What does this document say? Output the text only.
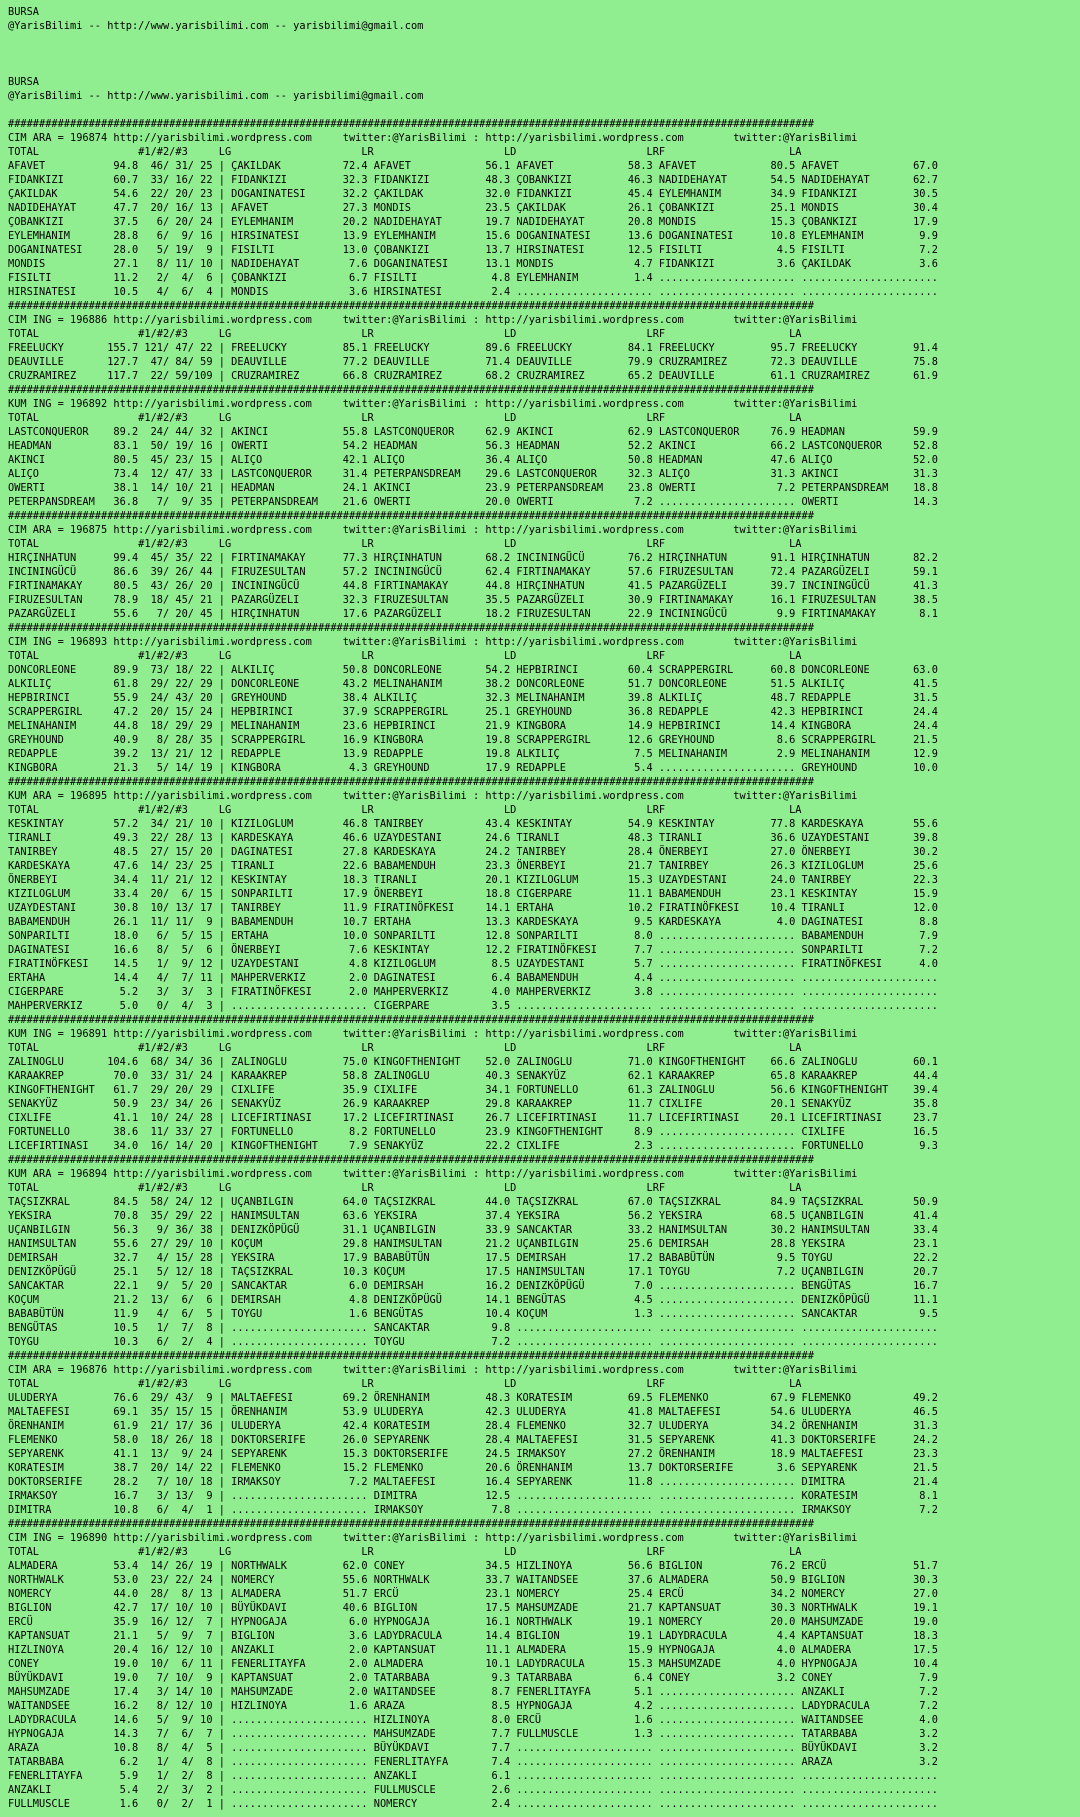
BURSA
@YarisBilimi -- http://www.yarisbilimi.com -- yarisbilimi@gmail.com
BURSA
@YarisBilimi -- http://www.yarisbilimi.com -- yarisbilimi@gmail.com
##################################################################################################################################
CIM ARA = 196874 http://yarisbilimi.wordpress.com     twitter:@YarisBilimi : http://yarisbilimi.wordpress.com        twitter:@YarisBilimi
TOTAL                #1/#2/#3     LG                     LR                     LD                     LRF                    LA
AFAVET           94.8  46/ 31/ 25 | ÇAKILDAK          72.4 AFAVET            56.1 AFAVET            58.3 AFAVET            80.5 AFAVET            67.0
FIDANKIZI        60.7  33/ 16/ 22 | FIDANKIZI         32.3 FIDANKIZI         48.3 ÇOBANKIZI         46.3 NADIDEHAYAT       54.5 NADIDEHAYAT       62.7
ÇAKILDAK         54.6  22/ 20/ 23 | DOGANINATESI      32.2 ÇAKILDAK          32.0 FIDANKIZI         45.4 EYLEMHANIM        34.9 FIDANKIZI         30.5
NADIDEHAYAT      47.7  20/ 16/ 13 | AFAVET            27.3 MONDIS            23.5 ÇAKILDAK          26.1 ÇOBANKIZI         25.1 MONDIS            30.4
ÇOBANKIZI        37.5   6/ 20/ 24 | EYLEMHANIM        20.2 NADIDEHAYAT       19.7 NADIDEHAYAT       20.8 MONDIS            15.3 ÇOBANKIZI         17.9
EYLEMHANIM       28.8   6/  9/ 16 | HIRSINATESI       13.9 EYLEMHANIM        15.6 DOGANINATESI      13.6 DOGANINATESI      10.8 EYLEMHANIM         9.9
DOGANINATESI     28.0   5/ 19/  9 | FISILTI           13.0 ÇOBANKIZI         13.7 HIRSINATESI       12.5 FISILTI            4.5 FISILTI            7.2
MONDIS           27.1   8/ 11/ 10 | NADIDEHAYAT        7.6 DOGANINATESI      13.1 MONDIS             4.7 FIDANKIZI          3.6 ÇAKILDAK           3.6
FISILTI          11.2   2/  4/  6 | ÇOBANKIZI          6.7 FISILTI            4.8 EYLEMHANIM         1.4 ...................... ......................
HIRSINATESI      10.5   4/  6/  4 | MONDIS             3.6 HIRSINATESI        2.4 ...................... ...................... ......................
##################################################################################################################################
CIM ING = 196886 http://yarisbilimi.wordpress.com     twitter:@YarisBilimi : http://yarisbilimi.wordpress.com        twitter:@YarisBilimi
TOTAL                #1/#2/#3     LG                     LR                     LD                     LRF                    LA
FREELUCKY       155.7 121/ 47/ 22 | FREELUCKY         85.1 FREELUCKY         89.6 FREELUCKY         84.1 FREELUCKY         95.7 FREELUCKY         91.4
DEAUVILLE       127.7  47/ 84/ 59 | DEAUVILLE         77.2 DEAUVILLE         71.4 DEAUVILLE         79.9 CRUZRAMIREZ       72.3 DEAUVILLE         75.8
CRUZRAMIREZ     117.7  22/ 59/109 | CRUZRAMIREZ       66.8 CRUZRAMIREZ       68.2 CRUZRAMIREZ       65.2 DEAUVILLE         61.1 CRUZRAMIREZ       61.9
##################################################################################################################################
KUM ING = 196892 http://yarisbilimi.wordpress.com     twitter:@YarisBilimi : http://yarisbilimi.wordpress.com        twitter:@YarisBilimi
TOTAL                #1/#2/#3     LG                     LR                     LD                     LRF                    LA
LASTCONQUEROR    89.2  24/ 44/ 32 | AKINCI            55.8 LASTCONQUEROR     62.9 AKINCI            62.9 LASTCONQUEROR     76.9 HEADMAN           59.9
HEADMAN          83.1  50/ 19/ 16 | OWERTI            54.2 HEADMAN           56.3 HEADMAN           52.2 AKINCI            66.2 LASTCONQUEROR     52.8
AKINCI           80.5  45/ 23/ 15 | ALIÇO             42.1 ALIÇO             36.4 ALIÇO             50.8 HEADMAN           47.6 ALIÇO             52.0
ALIÇO            73.4  12/ 47/ 33 | LASTCONQUEROR     31.4 PETERPANSDREAM    29.6 LASTCONQUEROR     32.3 ALIÇO             31.3 AKINCI            31.3
OWERTI           38.1  14/ 10/ 21 | HEADMAN           24.1 AKINCI            23.9 PETERPANSDREAM    23.8 OWERTI             7.2 PETERPANSDREAM    18.8
PETERPANSDREAM   36.8   7/  9/ 35 | PETERPANSDREAM    21.6 OWERTI            20.0 OWERTI             7.2 ...................... OWERTI            14.3
##################################################################################################################################
CIM ARA = 196875 http://yarisbilimi.wordpress.com     twitter:@YarisBilimi : http://yarisbilimi.wordpress.com        twitter:@YarisBilimi
TOTAL                #1/#2/#3     LG                     LR                     LD                     LRF                    LA
HIRÇINHATUN      99.4  45/ 35/ 22 | FIRTINAMAKAY      77.3 HIRÇINHATUN       68.2 INCININGÜCÜ       76.2 HIRÇINHATUN       91.1 HIRÇINHATUN       82.2
INCININGÜCÜ      86.6  39/ 26/ 44 | FIRUZESULTAN      57.2 INCININGÜCÜ       62.4 FIRTINAMAKAY      57.6 FIRUZESULTAN      72.4 PAZARGÜZELI       59.1
FIRTINAMAKAY     80.5  43/ 26/ 20 | INCININGÜCÜ       44.8 FIRTINAMAKAY      44.8 HIRÇINHATUN       41.5 PAZARGÜZELI       39.7 INCININGÜCÜ       41.3
FIRUZESULTAN     78.9  18/ 45/ 21 | PAZARGÜZELI       32.3 FIRUZESULTAN      35.5 PAZARGÜZELI       30.9 FIRTINAMAKAY      16.1 FIRUZESULTAN      38.5
PAZARGÜZELI      55.6   7/ 20/ 45 | HIRÇINHATUN       17.6 PAZARGÜZELI       18.2 FIRUZESULTAN      22.9 INCININGÜCÜ        9.9 FIRTINAMAKAY       8.1
##################################################################################################################################
CIM ING = 196893 http://yarisbilimi.wordpress.com     twitter:@YarisBilimi : http://yarisbilimi.wordpress.com        twitter:@YarisBilimi
TOTAL                #1/#2/#3     LG                     LR                     LD                     LRF                    LA
DONCORLEONE      89.9  73/ 18/ 22 | ALKILIÇ           50.8 DONCORLEONE       54.2 HEPBIRINCI        60.4 SCRAPPERGIRL      60.8 DONCORLEONE       63.0
ALKILIÇ          61.8  29/ 22/ 29 | DONCORLEONE       43.2 MELINAHANIM       38.2 DONCORLEONE       51.7 DONCORLEONE       51.5 ALKILIÇ           41.5
HEPBIRINCI       55.9  24/ 43/ 20 | GREYHOUND         38.4 ALKILIÇ           32.3 MELINAHANIM       39.8 ALKILIÇ           48.7 REDAPPLE          31.5
SCRAPPERGIRL     47.2  20/ 15/ 24 | HEPBIRINCI        37.9 SCRAPPERGIRL      25.1 GREYHOUND         36.8 REDAPPLE          42.3 HEPBIRINCI        24.4
MELINAHANIM      44.8  18/ 29/ 29 | MELINAHANIM       23.6 HEPBIRINCI        21.9 KINGBORA          14.9 HEPBIRINCI        14.4 KINGBORA          24.4
GREYHOUND        40.9   8/ 28/ 35 | SCRAPPERGIRL      16.9 KINGBORA          19.8 SCRAPPERGIRL      12.6 GREYHOUND          8.6 SCRAPPERGIRL      21.5
REDAPPLE         39.2  13/ 21/ 12 | REDAPPLE          13.9 REDAPPLE          19.8 ALKILIÇ            7.5 MELINAHANIM        2.9 MELINAHANIM       12.9
KINGBORA         21.3   5/ 14/ 19 | KINGBORA           4.3 GREYHOUND         17.9 REDAPPLE           5.4 ...................... GREYHOUND         10.0
##################################################################################################################################
KUM ARA = 196895 http://yarisbilimi.wordpress.com     twitter:@YarisBilimi : http://yarisbilimi.wordpress.com        twitter:@YarisBilimi
TOTAL                #1/#2/#3     LG                     LR                     LD                     LRF                    LA
KESKINTAY        57.2  34/ 21/ 10 | KIZILOGLUM        46.8 TANIRBEY          43.4 KESKINTAY         54.9 KESKINTAY         77.8 KARDESKAYA        55.6
TIRANLI          49.3  22/ 28/ 13 | KARDESKAYA        46.6 UZAYDESTANI       24.6 TIRANLI           48.3 TIRANLI           36.6 UZAYDESTANI       39.8
TANIRBEY         48.5  27/ 15/ 20 | DAGINATESI        27.8 KARDESKAYA        24.2 TANIRBEY          28.4 ÖNERBEYI          27.0 ÖNERBEYI          30.2
KARDESKAYA       47.6  14/ 23/ 25 | TIRANLI           22.6 BABAMENDUH        23.3 ÖNERBEYI          21.7 TANIRBEY          26.3 KIZILOGLUM        25.6
ÖNERBEYI         34.4  11/ 21/ 12 | KESKINTAY         18.3 TIRANLI           20.1 KIZILOGLUM        15.3 UZAYDESTANI       24.0 TANIRBEY          22.3
KIZILOGLUM       33.4  20/  6/ 15 | SONPARILTI        17.9 ÖNERBEYI          18.8 CIGERPARE         11.1 BABAMENDUH        23.1 KESKINTAY         15.9
UZAYDESTANI      30.8  10/ 13/ 17 | TANIRBEY          11.9 FIRATINÖFKESI     14.1 ERTAHA            10.2 FIRATINÖFKESI     10.4 TIRANLI           12.0
BABAMENDUH       26.1  11/ 11/  9 | BABAMENDUH        10.7 ERTAHA            13.3 KARDESKAYA         9.5 KARDESKAYA         4.0 DAGINATESI         8.8
SONPARILTI       18.0   6/  5/ 15 | ERTAHA            10.0 SONPARILTI        12.8 SONPARILTI         8.0 ...................... BABAMENDUH         7.9
DAGINATESI       16.6   8/  5/  6 | ÖNERBEYI           7.6 KESKINTAY         12.2 FIRATINÖFKESI      7.7 ...................... SONPARILTI         7.2
FIRATINÖFKESI    14.5   1/  9/ 12 | UZAYDESTANI        4.8 KIZILOGLUM         8.5 UZAYDESTANI        5.7 ...................... FIRATINÖFKESI      4.0
ERTAHA           14.4   4/  7/ 11 | MAHPERVERKIZ       2.0 DAGINATESI         6.4 BABAMENDUH         4.4 ...................... ......................
CIGERPARE         5.2   3/  3/  3 | FIRATINÖFKESI      2.0 MAHPERVERKIZ       4.0 MAHPERVERKIZ       3.8 ...................... ......................
MAHPERVERKIZ      5.0   0/  4/  3 | ...................... CIGERPARE          3.5 ...................... ...................... ......................
##################################################################################################################################
KUM ING = 196891 http://yarisbilimi.wordpress.com     twitter:@YarisBilimi : http://yarisbilimi.wordpress.com        twitter:@YarisBilimi
TOTAL                #1/#2/#3     LG                     LR                     LD                     LRF                    LA
ZALINOGLU       104.6  68/ 34/ 36 | ZALINOGLU         75.0 KINGOFTHENIGHT    52.0 ZALINOGLU         71.0 KINGOFTHENIGHT    66.6 ZALINOGLU         60.1
KARAAKREP        70.0  33/ 31/ 24 | KARAAKREP         58.8 ZALINOGLU         40.3 SENAKYÜZ          62.1 KARAAKREP         65.8 KARAAKREP         44.4
KINGOFTHENIGHT   61.7  29/ 20/ 29 | CIXLIFE           35.9 CIXLIFE           34.1 FORTUNELLO        61.3 ZALINOGLU         56.6 KINGOFTHENIGHT    39.4
SENAKYÜZ         50.9  23/ 34/ 26 | SENAKYÜZ          26.9 KARAAKREP         29.8 KARAAKREP         11.7 CIXLIFE           20.1 SENAKYÜZ          35.8
CIXLIFE          41.1  10/ 24/ 28 | LICEFIRTINASI     17.2 LICEFIRTINASI     26.7 LICEFIRTINASI     11.7 LICEFIRTINASI     20.1 LICEFIRTINASI     23.7
FORTUNELLO       38.6  11/ 33/ 27 | FORTUNELLO         8.2 FORTUNELLO        23.9 KINGOFTHENIGHT     8.9 ...................... CIXLIFE           16.5
LICEFIRTINASI    34.0  16/ 14/ 20 | KINGOFTHENIGHT     7.9 SENAKYÜZ          22.2 CIXLIFE            2.3 ...................... FORTUNELLO         9.3
##################################################################################################################################
KUM ARA = 196894 http://yarisbilimi.wordpress.com     twitter:@YarisBilimi : http://yarisbilimi.wordpress.com        twitter:@YarisBilimi
TOTAL                #1/#2/#3     LG                     LR                     LD                     LRF                    LA
TAÇSIZKRAL       84.5  58/ 24/ 12 | UÇANBILGIN        64.0 TAÇSIZKRAL        44.0 TAÇSIZKRAL        67.0 TAÇSIZKRAL        84.9 TAÇSIZKRAL        50.9
YEKSIRA          70.8  35/ 29/ 22 | HANIMSULTAN       63.6 YEKSIRA           37.4 YEKSIRA           56.2 YEKSIRA           68.5 UÇANBILGIN        41.4
UÇANBILGIN       56.3   9/ 36/ 38 | DENIZKÖPÜGÜ       31.1 UÇANBILGIN        33.9 SANCAKTAR         33.2 HANIMSULTAN       30.2 HANIMSULTAN       33.4
HANIMSULTAN      55.6  27/ 29/ 10 | KOÇUM             29.8 HANIMSULTAN       21.2 UÇANBILGIN        25.6 DEMIRSAH          28.8 YEKSIRA           23.1
DEMIRSAH         32.7   4/ 15/ 28 | YEKSIRA           17.9 BABABÜTÜN         17.5 DEMIRSAH          17.2 BABABÜTÜN          9.5 TOYGU             22.2
DENIZKÖPÜGÜ      25.1   5/ 12/ 18 | TAÇSIZKRAL        10.3 KOÇUM             17.5 HANIMSULTAN       17.1 TOYGU              7.2 UÇANBILGIN        20.7
SANCAKTAR        22.1   9/  5/ 20 | SANCAKTAR          6.0 DEMIRSAH          16.2 DENIZKÖPÜGÜ        7.0 ...................... BENGÜTAS          16.7
KOÇUM            21.2  13/  6/  6 | DEMIRSAH           4.8 DENIZKÖPÜGÜ       14.1 BENGÜTAS           4.5 ...................... DENIZKÖPÜGÜ       11.1
BABABÜTÜN        11.9   4/  6/  5 | TOYGU              1.6 BENGÜTAS          10.4 KOÇUM              1.3 ...................... SANCAKTAR          9.5
BENGÜTAS         10.5   1/  7/  8 | ...................... SANCAKTAR          9.8 ...................... ...................... ......................
TOYGU            10.3   6/  2/  4 | ...................... TOYGU              7.2 ...................... ...................... ......................
##################################################################################################################################
CIM ARA = 196876 http://yarisbilimi.wordpress.com     twitter:@YarisBilimi : http://yarisbilimi.wordpress.com        twitter:@YarisBilimi
TOTAL                #1/#2/#3     LG                     LR                     LD                     LRF                    LA
ULUDERYA         76.6  29/ 43/  9 | MALTAEFESI        69.2 ÖRENHANIM         48.3 KORATESIM         69.5 FLEMENKO          67.9 FLEMENKO          49.2
MALTAEFESI       69.1  35/ 15/ 15 | ÖRENHANIM         53.9 ULUDERYA          42.3 ULUDERYA          41.8 MALTAEFESI        54.6 ULUDERYA          46.5
ÖRENHANIM        61.9  21/ 17/ 36 | ULUDERYA          42.4 KORATESIM         28.4 FLEMENKO          32.7 ULUDERYA          34.2 ÖRENHANIM         31.3
FLEMENKO         58.0  18/ 26/ 18 | DOKTORSERIFE      26.0 SEPYARENK         28.4 MALTAEFESI        31.5 SEPYARENK         41.3 DOKTORSERIFE      24.2
SEPYARENK        41.1  13/  9/ 24 | SEPYARENK         15.3 DOKTORSERIFE      24.5 IRMAKSOY          27.2 ÖRENHANIM         18.9 MALTAEFESI        23.3
KORATESIM        38.7  20/ 14/ 22 | FLEMENKO          15.2 FLEMENKO          20.6 ÖRENHANIM         13.7 DOKTORSERIFE       3.6 SEPYARENK         21.5
DOKTORSERIFE     28.2   7/ 10/ 18 | IRMAKSOY           7.2 MALTAEFESI        16.4 SEPYARENK         11.8 ...................... DIMITRA           21.4
IRMAKSOY         16.7   3/ 13/  9 | ...................... DIMITRA           12.5 ...................... ...................... KORATESIM          8.1
DIMITRA          10.8   6/  4/  1 | ...................... IRMAKSOY           7.8 ...................... ...................... IRMAKSOY           7.2
##################################################################################################################################
CIM ING = 196890 http://yarisbilimi.wordpress.com     twitter:@YarisBilimi : http://yarisbilimi.wordpress.com        twitter:@YarisBilimi
TOTAL                #1/#2/#3     LG                     LR                     LD                     LRF                    LA
ALMADERA         53.4  14/ 26/ 19 | NORTHWALK         62.0 CONEY             34.5 HIZLINOYA         56.6 BIGLION           76.2 ERCÜ              51.7
NORTHWALK        53.0  23/ 22/ 24 | NOMERCY           55.6 NORTHWALK         33.7 WAITANDSEE        37.6 ALMADERA          50.9 BIGLION           30.3
NOMERCY          44.0  28/  8/ 13 | ALMADERA          51.7 ERCÜ              23.1 NOMERCY           25.4 ERCÜ              34.2 NOMERCY           27.0
BIGLION          42.7  17/ 10/ 10 | BÜYÜKDAVI         40.6 BIGLION           17.5 MAHSUMZADE        21.7 KAPTANSUAT        30.3 NORTHWALK         19.1
ERCÜ             35.9  16/ 12/  7 | HYPNOGAJA          6.0 HYPNOGAJA         16.1 NORTHWALK         19.1 NOMERCY           20.0 MAHSUMZADE        19.0
KAPTANSUAT       21.1   5/  9/  7 | BIGLION            3.6 LADYDRACULA       14.4 BIGLION           19.1 LADYDRACULA        4.4 KAPTANSUAT        18.3
HIZLINOYA        20.4  16/ 12/ 10 | ANZAKLI            2.0 KAPTANSUAT        11.1 ALMADERA          15.9 HYPNOGAJA          4.0 ALMADERA          17.5
CONEY            19.0  10/  6/ 11 | FENERLITAYFA       2.0 ALMADERA          10.1 LADYDRACULA       15.3 MAHSUMZADE         4.0 HYPNOGAJA         10.4
BÜYÜKDAVI        19.0   7/ 10/  9 | KAPTANSUAT         2.0 TATARBABA          9.3 TATARBABA          6.4 CONEY              3.2 CONEY              7.9
MAHSUMZADE       17.4   3/ 14/ 10 | MAHSUMZADE         2.0 WAITANDSEE         8.7 FENERLITAYFA       5.1 ...................... ANZAKLI            7.2
WAITANDSEE       16.2   8/ 12/ 10 | HIZLINOYA          1.6 ARAZA              8.5 HYPNOGAJA          4.2 ...................... LADYDRACULA        7.2
LADYDRACULA      14.6   5/  9/ 10 | ...................... HIZLINOYA          8.0 ERCÜ               1.6 ...................... WAITANDSEE         4.0
HYPNOGAJA        14.3   7/  6/  7 | ...................... MAHSUMZADE         7.7 FULLMUSCLE         1.3 ...................... TATARBABA          3.2
ARAZA            10.8   8/  4/  5 | ...................... BÜYÜKDAVI          7.7 ...................... ...................... BÜYÜKDAVI          3.2
TATARBABA         6.2   1/  4/  8 | ...................... FENERLITAYFA       7.4 ...................... ...................... ARAZA              3.2
FENERLITAYFA      5.9   1/  2/  8 | ...................... ANZAKLI            6.1 ...................... ...................... ......................
ANZAKLI           5.4   2/  3/  2 | ...................... FULLMUSCLE         2.6 ...................... ...................... ......................
FULLMUSCLE        1.6   0/  2/  1 | ...................... NOMERCY            2.4 ...................... ...................... ......................
